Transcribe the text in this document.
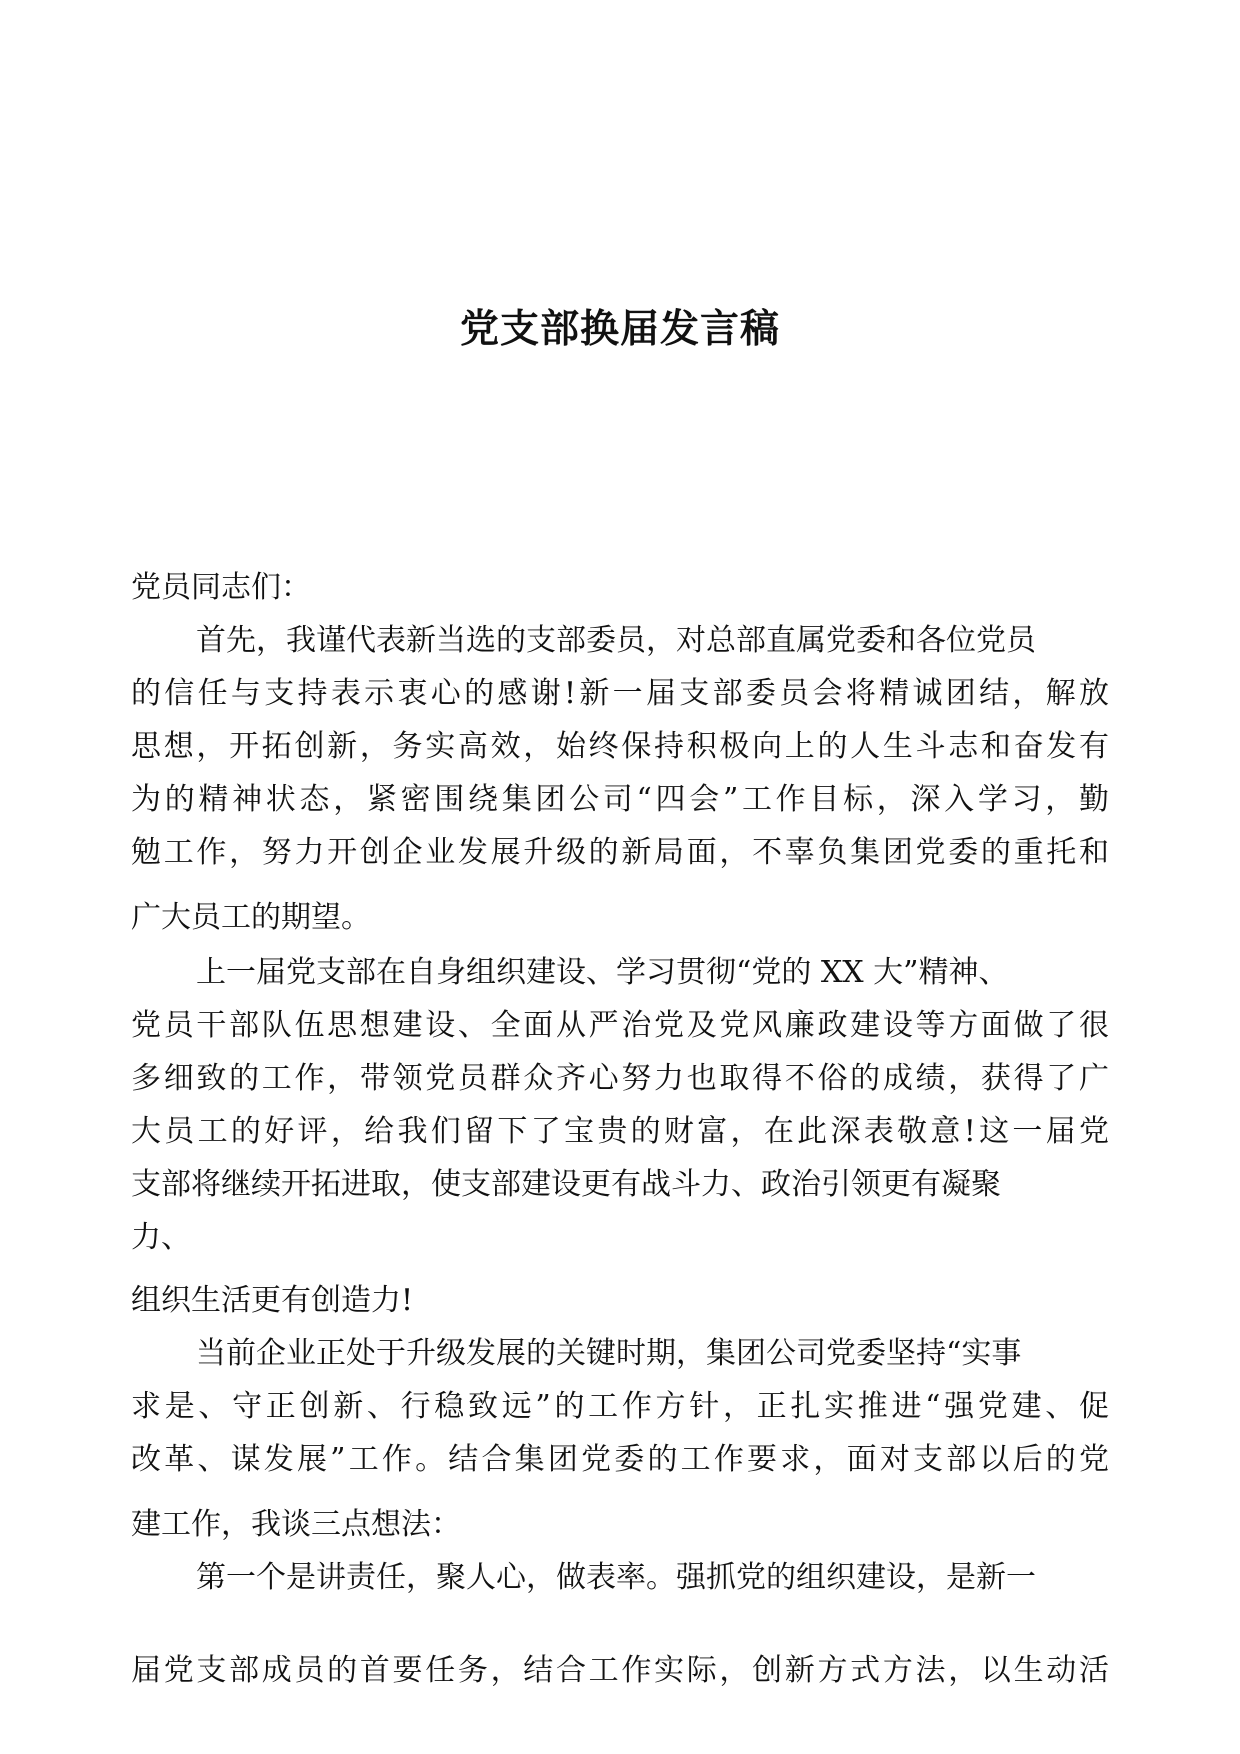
党支部换届发言稿
党员同志们：
首先，我谨代表新当选的支部委员，对总部直属党委和各位党员
的信任与支持表示衷心的感谢!新一届支部委员会将精诚团结，解放
思想，开拓创新，务实高效，始终保持积极向上的人生斗志和奋发有
为的精神状态，紧密围绕集团公司“四会”工作目标，深入学习，勤
勉工作，努力开创企业发展升级的新局面，不辜负集团党委的重托和
广大员工的期望。
上一届党支部在自身组织建设、学习贯彻“党的 XX 大”精神、
党员干部队伍思想建设、全面从严治党及党风廉政建设等方面做了很
多细致的工作，带领党员群众齐心努力也取得不俗的成绩，获得了广
大员工的好评，给我们留下了宝贵的财富，在此深表敬意!这一届党
支部将继续开拓进取，使支部建设更有战斗力、政治引领更有凝聚
力、
组织生活更有创造力!
当前企业正处于升级发展的关键时期，集团公司党委坚持“实事
求是、守正创新、行稳致远”的工作方针，正扎实推进“强党建、促
改革、谋发展”工作。结合集团党委的工作要求，面对支部以后的党
建工作，我谈三点想法：
第一个是讲责任，聚人心，做表率。强抓党的组织建设，是新一
届党支部成员的首要任务，结合工作实际，创新方式方法，以生动活
